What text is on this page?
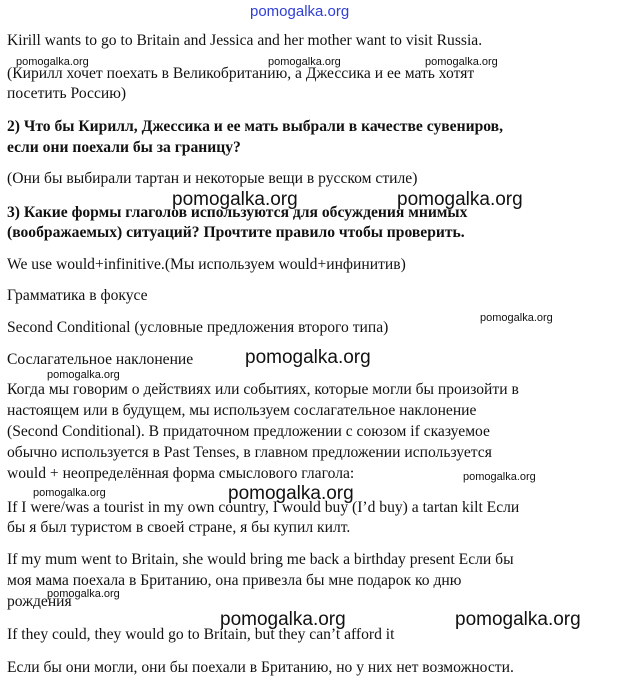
pomogalka.org
pomogalka.org	pomogalka.org	pomogalka.org
pomogalka.org	pomogalka.org
pomogalka.org
pomogalka.org
pomogalka.org
pomogalka.org
pomogalka.org	pomogalka.org
pomogalka.org
pomogalka.org	pomogalka.org

Kirill wants to go to Britain and Jessica and her mother want to visit Russia.

(Кирилл хочет поехать в Великобританию, а Джессика и ее мать хотят

посетить Россию)

2) Что бы Кирилл, Джессика и ее мать выбрали в качестве сувениров,

если они поехали бы за границу?

(Они бы выбирали тартан и некоторые вещи в русском стиле)

3) Какие формы глаголов используются для обсуждения мнимых

(воображаемых) ситуаций? Прочтите правило чтобы проверить.

We use would+infinitive.(Мы используем would+инфинитив)

Грамматика в фокусе

Second Conditional (условные предложения второго типа)

Сослагательное наклонение

Когда мы говорим о действиях или событиях, которые могли бы произойти в

настоящем или в будущем, мы используем сослагательное наклонение

(Second Conditional). В придаточном предложении с союзом if сказуемое

обычно используется в Past Tenses, в главном предложении используется

would + неопределённая форма смыслового глагола:

If I were/was a tourist in my own country, I would buy (I’d buy) a tartan kilt Если

бы я был туристом в своей стране, я бы купил килт.

If my mum went to Britain, she would bring me back a birthday present Если бы

моя мама поехала в Британию, она привезла бы мне подарок ко дню

рождения

If they could, they would go to Britain, but they can’t afford it

Если бы они могли, они бы поехали в Британию, но у них нет возможности.
